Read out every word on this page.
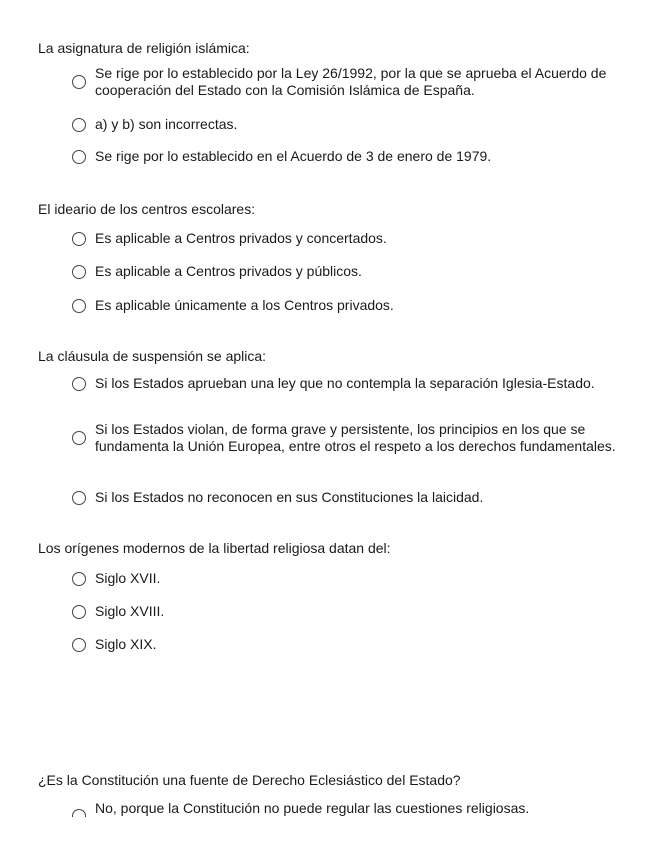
La asignatura de religión islámica:
Se rige por lo establecido por la Ley 26/1992, por la que se aprueba el Acuerdo de cooperación del Estado con la Comisión Islámica de España.
a) y b) son incorrectas.
Se rige por lo establecido en el Acuerdo de 3 de enero de 1979.
El ideario de los centros escolares:
Es aplicable a Centros privados y concertados.
Es aplicable a Centros privados y públicos.
Es aplicable únicamente a los Centros privados.
La cláusula de suspensión se aplica:
Si los Estados aprueban una ley que no contempla la separación Iglesia-Estado.
Si los Estados violan, de forma grave y persistente, los principios en los que se fundamenta la Unión Europea, entre otros el respeto a los derechos fundamentales.
Si los Estados no reconocen en sus Constituciones la laicidad.
Los orígenes modernos de la libertad religiosa datan del:
Siglo XVII.
Siglo XVIII.
Siglo XIX.
¿Es la Constitución una fuente de Derecho Eclesiástico del Estado?
No, porque la Constitución no puede regular las cuestiones religiosas.
